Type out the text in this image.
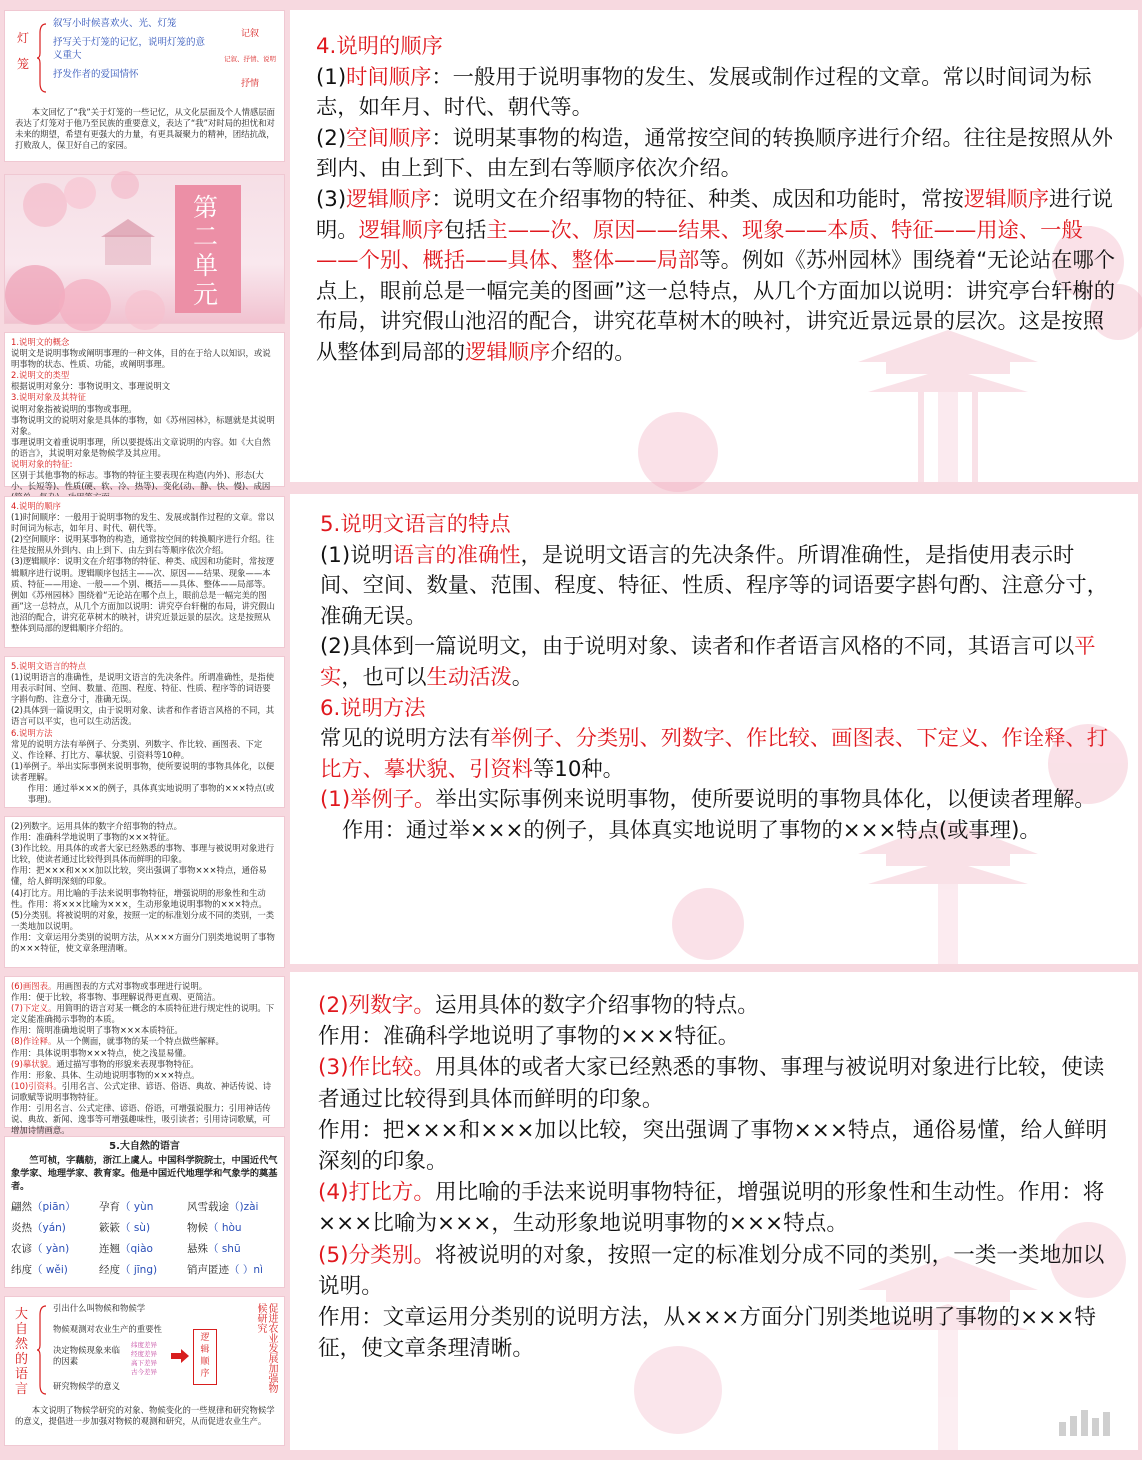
灯
笼

叙写小时候喜欢火、光、灯笼

抒写关于灯笼的记忆，说明灯笼的意义重大

抒发作者的爱国情怀

记叙

记叙、抒情、说明

抒情

本文回忆了“我”关于灯笼的一些记忆，从文化层面及个人情感层面表达了灯笼对于他乃至民族的重要意义，表达了“我”对时局的担忧和对未来的期望，希望有更强大的力量，有更具凝聚力的精神，团结抗战，打败敌人，保卫好自己的家园。

第二单元

1.说明文的概念

说明文是说明事物或阐明事理的一种文体，目的在于给人以知识，或说明事物的状态、性质、功能，或阐明事理。

2.说明文的类型

根据说明对象分：事物说明文、事理说明文

3.说明对象及其特征

说明对象指被说明的事物或事理。

事物说明文的说明对象是具体的事物，如《苏州园林》，标题就是其说明对象。

事理说明文着重说明事理，所以要提炼出文章说明的内容。如《大自然的语言》，其说明对象是物候学及其应用。

说明对象的特征:

区别于其他事物的标志。事物的特征主要表现在构造(内外)、形态(大小、长短等)、性质(硬、软、冷、热等)、变化(动、静、快、慢)、成因

4.说明的顺序

(1)时间顺序：一般用于说明事物的发生、发展或制作过程的文章。常以时间词为标志，如年月、时代、朝代等。

(2)空间顺序：说明某事物的构造，通常按空间的转换顺序进行介绍。往往是按照从外到内、由上到下、由左到右等顺序依次介绍。

(3)逻辑顺序：说明文在介绍事物的特征、种类、成因和功能时，常按逻辑顺序进行说明。逻辑顺序包括主——次、原因——结果、现象——本质、特征——用途、一般——个别、概括——具体、整体——局部等。例如《苏州园林》围绕着“无论站在哪个点上，眼前总是一幅完美的图画”这一总特点，从几个方面加以说明：讲究亭台轩榭的布局，讲究假山池沼的配合，讲究花草树木的映衬，讲究近景远景的层次。这是按照从整体到局部的逻辑顺序介绍的。

5.说明文语言的特点

(1)说明语言的准确性，是说明文语言的先决条件。所谓准确性，是指使用表示时间、空间、数量、范围、程度、特征、性质、程序等的词语要字斟句酌、注意分寸，准确无误。

(2)具体到一篇说明文，由于说明对象、读者和作者语言风格的不同，其语言可以平实，也可以生动活泼。

6.说明方法

常见的说明方法有举例子、分类别、列数字、作比较、画图表、下定义、作诠释、打比方、摹状貌、引资料等10种。

(1)举例子。举出实际事例来说明事物，使所要说明的事物具体化，以便读者理解。

作用：通过举×××的例子，具体真实地说明了事物的×××特点(或事理)。

(2)列数字。运用具体的数字介绍事物的特点。

作用：准确科学地说明了事物的×××特征。

(3)作比较。用具体的或者大家已经熟悉的事物、事理与被说明对象进行比较，使读者通过比较得到具体而鲜明的印象。

作用：把×××和×××加以比较，突出强调了事物×××特点，通俗易懂，给人鲜明深刻的印象。

(4)打比方。用比喻的手法来说明事物特征，增强说明的形象性和生动性。作用：将×××比喻为×××，生动形象地说明事物的×××特点。

(5)分类别。将被说明的对象，按照一定的标准划分成不同的类别，一类一类地加以说明。

作用：文章运用分类别的说明方法，从×××方面分门别类地说明了事物的×××特征，使文章条理清晰。

(6)画图表。用画图表的方式对事物或事理进行说明。

作用：便于比较，将事物、事理解说得更直观、更简洁。

(7)下定义。用简明的语言对某一概念的本质特征进行规定性的说明。下定义能准确揭示事物的本质。

作用：简明准确地说明了事物×××本质特征。

(8)作诠释。从一个侧面，就事物的某一个特点做些解释。

作用：具体说明事物×××特点，使之浅显易懂。

(9)摹状貌。通过描写事物的形貌来表现事物特征。

作用：形象、具体、生动地说明事物的×××特点。

(10)引资料。引用名言、公式定律、谚语、俗语、典故、神话传说、诗词歌赋等说明事物特征。

作用：引用名言、公式定律、谚语、俗语，可增强说服力；引用神话传说、典故、新闻、逸事等可增强趣味性，吸引读者；引用诗词歌赋，可增加诗情画意。

5.大自然的语言

竺可桢，字藕舫，浙江上虞人。中国科学院院士，中国近代气象学家、地理学家、教育家。他是中国近代地理学和气象学的奠基者。

翩然（piān）	孕育（ yùn	风雪载途（)zài
炎热（yán)	簌簌（ sù)	物候（ hòu
农谚（ yàn)	连翘（qiào	悬殊（ shū
纬度（ wěi)	经度（ jīng)	销声匿迹（ ）nì
大自然的语言

引出什么叫物候和物候学

物候观测对农业生产的重要性

决定物候现象来临的因素

研究物候学的意义

纬度差异

经度差异

高下差异

古今差异

逻辑顺序	促进农业发展加强物候研究

本文说明了物候学研究的对象、物候变化的一些规律和研究物候学的意义，提倡进一步加强对物候的观测和研究，从而促进农业生产。

4.说明的顺序

(1)时间顺序：一般用于说明事物的发生、发展或制作过程的文章。常以时间词为标志，如年月、时代、朝代等。

(2)空间顺序：说明某事物的构造，通常按空间的转换顺序进行介绍。往往是按照从外到内、由上到下、由左到右等顺序依次介绍。

(3)逻辑顺序：说明文在介绍事物的特征、种类、成因和功能时，常按逻辑顺序进行说明。逻辑顺序包括主——次、原因——结果、现象——本质、特征——用途、一般——个别、概括——具体、整体——局部等。例如《苏州园林》围绕着“无论站在哪个点上，眼前总是一幅完美的图画”这一总特点，从几个方面加以说明：讲究亭台轩榭的布局，讲究假山池沼的配合，讲究花草树木的映衬，讲究近景远景的层次。这是按照从整体到局部的逻辑顺序介绍的。

5.说明文语言的特点

(1)说明语言的准确性，是说明文语言的先决条件。所谓准确性，是指使用表示时间、空间、数量、范围、程度、特征、性质、程序等的词语要字斟句酌、注意分寸，准确无误。

(2)具体到一篇说明文，由于说明对象、读者和作者语言风格的不同，其语言可以平实，也可以生动活泼。

6.说明方法

常见的说明方法有举例子、分类别、列数字、作比较、画图表、下定义、作诠释、打比方、摹状貌、引资料等10种。

(1)举例子。举出实际事例来说明事物，使所要说明的事物具体化，以便读者理解。

作用：通过举×××的例子，具体真实地说明了事物的×××特点(或事理)。

(2)列数字。运用具体的数字介绍事物的特点。

作用：准确科学地说明了事物的×××特征。

(3)作比较。用具体的或者大家已经熟悉的事物、事理与被说明对象进行比较，使读者通过比较得到具体而鲜明的印象。

作用：把×××和×××加以比较，突出强调了事物×××特点，通俗易懂，给人鲜明深刻的印象。

(4)打比方。用比喻的手法来说明事物特征，增强说明的形象性和生动性。作用：将×××比喻为×××，生动形象地说明事物的×××特点。

(5)分类别。将被说明的对象，按照一定的标准划分成不同的类别，一类一类地加以说明。

作用：文章运用分类别的说明方法，从×××方面分门别类地说明了事物的×××特征，使文章条理清晰。
